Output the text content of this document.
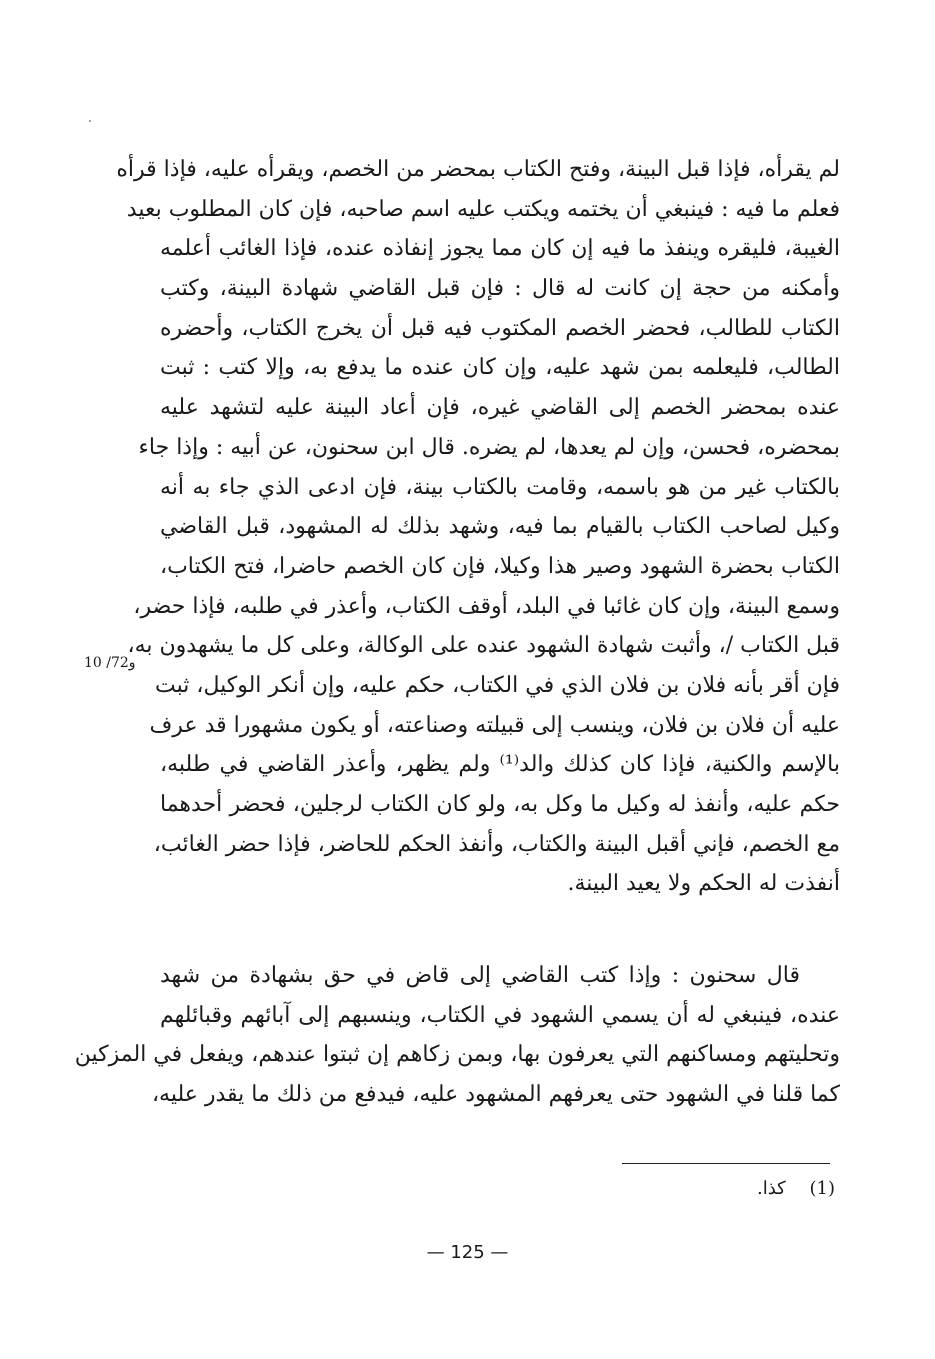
لم يقرأه، فإذا قبل البينة، وفتح الكتاب بمحضر من الخصم، ويقرأه عليه، فإذا قرأه
فعلم ما فيه : فينبغي أن يختمه ويكتب عليه اسم صاحبه، فإن كان المطلوب بعيد
الغيبة، فليقره وينفذ ما فيه إن كان مما يجوز إنفاذه عنده، فإذا الغائب أعلمه
وأمكنه من حجة إن كانت له قال : فإن قبل القاضي شهادة البينة، وكتب
الكتاب للطالب، فحضر الخصم المكتوب فيه قبل أن يخرج الكتاب، وأحضره
الطالب، فليعلمه بمن شهد عليه، وإن كان عنده ما يدفع به، وإلا كتب : ثبت
عنده بمحضر الخصم إلى القاضي غيره، فإن أعاد البينة عليه لتشهد عليه
بمحضره، فحسن، وإن لم يعدها، لم يضره. قال ابن سحنون، عن أبيه : وإذا جاء
بالكتاب غير من هو باسمه، وقامت بالكتاب بينة، فإن ادعى الذي جاء به أنه
وكيل لصاحب الكتاب بالقيام بما فيه، وشهد بذلك له المشهود، قبل القاضي
الكتاب بحضرة الشهود وصير هذا وكيلا، فإن كان الخصم حاضرا، فتح الكتاب،
وسمع البينة، وإن كان غائبا في البلد، أوقف الكتاب، وأعذر في طلبه، فإذا حضر،
قبل الكتاب /، وأثبت شهادة الشهود عنده على الوكالة، وعلى كل ما يشهدون به،
فإن أقر بأنه فلان بن فلان الذي في الكتاب، حكم عليه، وإن أنكر الوكيل، ثبت
عليه أن فلان بن فلان، وينسب إلى قبيلته وصناعته، أو يكون مشهورا قد عرف
بالإسم والكنية، فإذا كان كذلك والد⁽¹⁾ ولم يظهر، وأعذر القاضي في طلبه،
حكم عليه، وأنفذ له وكيل ما وكل به، ولو كان الكتاب لرجلين، فحضر أحدهما
مع الخصم، فإني أقبل البينة والكتاب، وأنفذ الحكم للحاضر، فإذا حضر الغائب،
أنفذت له الحكم ولا يعيد البينة.
10 /72و
قال سحنون : وإذا كتب القاضي إلى قاض في حق بشهادة من شهد
عنده، فينبغي له أن يسمي الشهود في الكتاب، وينسبهم إلى آبائهم وقبائلهم
وتحليتهم ومساكنهم التي يعرفون بها، وبمن زكاهم إن ثبتوا عندهم، ويفعل في المزكين
كما قلنا في الشهود حتى يعرفهم المشهود عليه، فيدفع من ذلك ما يقدر عليه،
(1) كذا.
— 125 —
